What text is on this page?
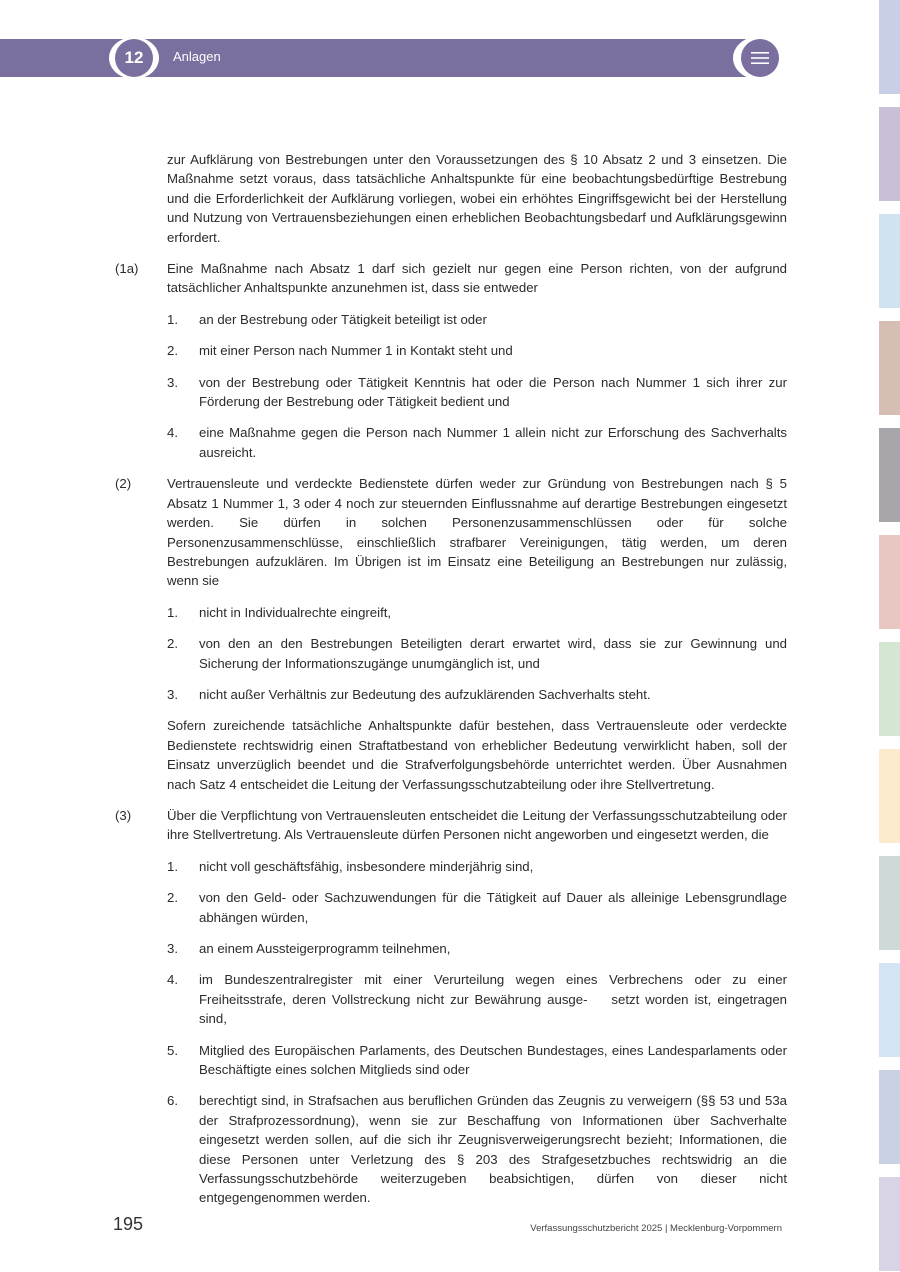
12	Anlagen

zur Aufklärung von Bestrebungen unter den Voraussetzungen des § 10 Absatz 2 und 3 einsetzen. Die Maßnahme setzt voraus, dass tatsächliche Anhaltspunkte für eine beobachtungsbedürftige Bestrebung und die Erforderlichkeit der Aufklärung vorliegen, wobei ein erhöhtes Eingriffsgewicht bei der Herstellung und Nutzung von Vertrauensbeziehungen einen erheblichen Beobachtungsbedarf und Aufklärungsgewinn erfordert.

(1a) Eine Maßnahme nach Absatz 1 darf sich gezielt nur gegen eine Person richten, von der aufgrund tatsächlicher Anhaltspunkte anzunehmen ist, dass sie entweder
1. an der Bestrebung oder Tätigkeit beteiligt ist oder
2. mit einer Person nach Nummer 1 in Kontakt steht und
3. von der Bestrebung oder Tätigkeit Kenntnis hat oder die Person nach Nummer 1 sich ihrer zur Förderung der Bestrebung oder Tätigkeit bedient und
4. eine Maßnahme gegen die Person nach Nummer 1 allein nicht zur Erforschung des Sachverhalts ausreicht.
(2)	Vertrauensleute und verdeckte Bedienstete dürfen weder zur Gründung von Bestrebungen nach § 5 Absatz 1 Nummer 1, 3 oder 4 noch zur steuernden Einflussnahme auf derartige Bestrebungen eingesetzt werden. Sie dürfen in solchen Personenzusammenschlüssen oder für solche Personenzusammenschlüsse, einschließlich strafbarer Vereinigungen, tätig werden, um deren Bestrebungen aufzuklären. Im Übrigen ist im Einsatz eine Beteiligung an Bestrebungen nur zulässig, wenn sie
1. nicht in Individualrechte eingreift,
2. von den an den Bestrebungen Beteiligten derart erwartet wird, dass sie zur Gewinnung und Sicherung der Informationszugänge unumgänglich ist, und
3. nicht außer Verhältnis zur Bedeutung des aufzuklärenden Sachverhalts steht.

Sofern zureichende tatsächliche Anhaltspunkte dafür bestehen, dass Vertrauensleute oder verdeckte Bedienstete rechtswidrig einen Straftatbestand von erheblicher Bedeutung verwirklicht haben, soll der Einsatz unverzüglich beendet und die Strafverfolgungsbehörde unterrichtet werden. Über Ausnahmen nach Satz 4 entscheidet die Leitung der Verfassungsschutzabteilung oder ihre Stellvertretung.

(3)	Über die Verpflichtung von Vertrauensleuten entscheidet die Leitung der Verfassungsschutzabteilung oder ihre Stellvertretung. Als Vertrauensleute dürfen Personen nicht angeworben und eingesetzt werden, die
1. nicht voll geschäftsfähig, insbesondere minderjährig sind,
2. von den Geld- oder Sachzuwendungen für die Tätigkeit auf Dauer als alleinige Lebensgrundlage abhängen würden,
3. an einem Aussteigerprogramm teilnehmen,
4. im Bundeszentralregister mit einer Verurteilung wegen eines Verbrechens oder zu einer Freiheitsstrafe, deren Vollstreckung nicht zur Bewährung ausge-    setzt worden ist, eingetragen sind,
5. Mitglied des Europäischen Parlaments, des Deutschen Bundestages, eines Landesparlaments oder Beschäftigte eines solchen Mitglieds sind oder
6. berechtigt sind, in Strafsachen aus beruflichen Gründen das Zeugnis zu verweigern (§§ 53 und 53a der Strafprozessordnung), wenn sie zur Beschaffung von Informationen über Sachverhalte eingesetzt werden sollen, auf die sich ihr Zeugnisverweigerungsrecht bezieht; Informationen, die diese Personen unter Verletzung des § 203 des Strafgesetzbuches rechtswidrig an die Verfassungsschutzbehörde weiterzugeben beabsichtigen, dürfen von dieser nicht entgegengenommen werden.
195	Verfassungsschutzbericht 2025 | Mecklenburg-Vorpommern
